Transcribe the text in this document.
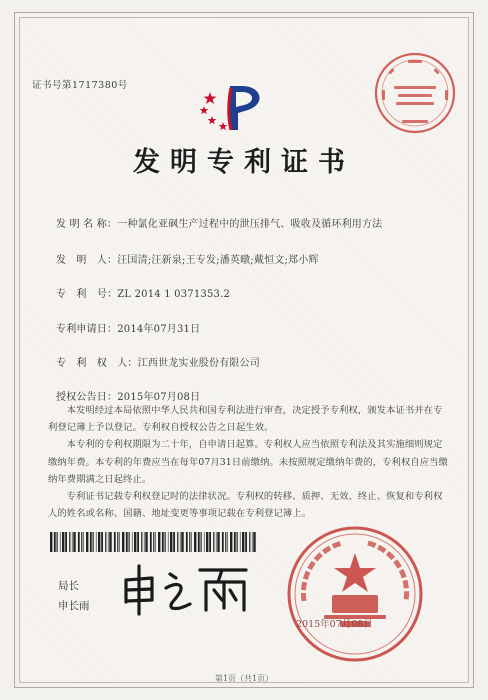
证书号第1717380号
发明专利证书
发 明 名 称：一种氯化亚砜生产过程中的泄压排气、吸收及循环利用方法
发　明　人：汪国清;汪新泉;王专发;潘英暾;戴恒文;郑小辉
专　利　号：ZL 2014 1 0371353.2
专利申请日：2014年07月31日
专　利　权　人：江西世龙实业股份有限公司
授权公告日：2015年07月08日

本发明经过本局依照中华人民共和国专利法进行审查，决定授予专利权，颁发本证书并在专利登记簿上予以登记。专利权自授权公告之日起生效。

本专利的专利权期限为二十年，自申请日起算。专利权人应当依照专利法及其实施细则规定缴纳年费。本专利的年费应当在每年07月31日前缴纳。未按照规定缴纳年费的，专利权自应当缴纳年费期满之日起终止。

专利证书记载专利权登记时的法律状况。专利权的转移、质押、无效、终止、恢复和专利权人的姓名或名称、国籍、地址变更等事项记载在专利登记簿上。

局长
申长雨
2015年07月08日
第1页（共1页）
